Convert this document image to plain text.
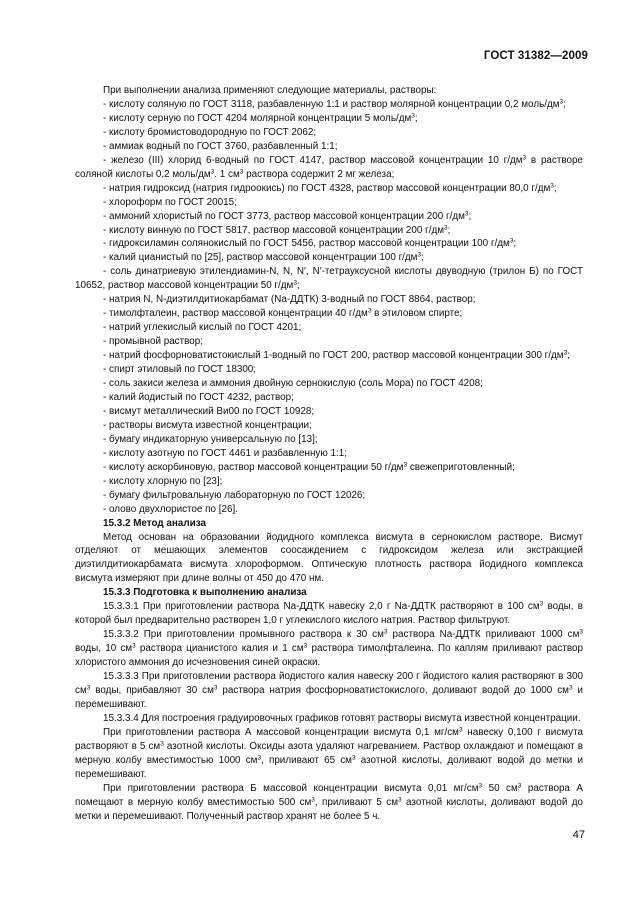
ГОСТ 31382—2009

При выполнении анализа применяют следующие материалы, растворы:

- кислоту соляную по ГОСТ 3118, разбавленную 1:1 и раствор молярной концентрации 0,2 моль/$дм^3$;

- кислоту серную по ГОСТ 4204 молярной концентрации 5 моль/$дм^3$;

- кислоту бромистоводородную по ГОСТ 2062;

- аммиак водный по ГОСТ 3760, разбавленный 1:1;

- железо (III) хлорид 6-водный по ГОСТ 4147, раствор массовой концентрации 10 $г/дм^3$ в растворе соляной кислоты 0,2 моль/$дм^3$. 1 $см^3$ раствора содержит 2 мг железа;

- натрия гидроксид (натрия гидроокись) по ГОСТ 4328, раствор массовой концентрации 80,0 $г/дм^3$;

- хлороформ по ГОСТ 20015;

- аммоний хлористый по ГОСТ 3773, раствор массовой концентрации 200 $г/дм^3$;

- кислоту винную по ГОСТ 5817, раствор массовой концентрации 200 $г/дм^3$;

- гидроксиламин солянокислый по ГОСТ 5456, раствор массовой концентрации 100 $г/дм^3$;

- калий цианистый по [25], раствор массовой концентрации 100 $г/дм^3$;

- соль динатриевую этилендиамин-N, N, N′, N′-тетрауксусной кислоты двуводную (трилон Б) по ГОСТ 10652, раствор массовой концентрации 50 $г/дм^3$;

- натрия N, N-диэтилдитиокарбамат (Na-ДДТК) 3-водный по ГОСТ 8864, раствор;

- тимолфталеин, раствор массовой концентрации 40 $г/дм^3$ в этиловом спирте;

- натрий углекислый кислый по ГОСТ 4201;

- промывной раствор;

- натрий фосфорноватистокислый 1-водный по ГОСТ 200, раствор массовой концентрации 300 $г/дм^3$;

- спирт этиловый по ГОСТ 18300;

- соль закиси железа и аммония двойную сернокислую (соль Мора) по ГОСТ 4208;

- калий йодистый по ГОСТ 4232, раствор;

- висмут металлический Ви00 по ГОСТ 10928;

- растворы висмута известной концентрации;

- бумагу индикаторную универсальную по [13];

- кислоту азотную по ГОСТ 4461 и разбавленную 1:1;

- кислоту аскорбиновую, раствор массовой концентрации 50 $г/дм^3$ свежеприготовленный;

- кислоту хлорную по [23];

- бумагу фильтровальную лабораторную по ГОСТ 12026;

- олово двухлористое по [26].

15.3.2 Метод анализа

Метод основан на образовании йодидного комплекса висмута в сернокислом растворе. Висмут отделяют от мешающих элементов соосаждением с гидроксидом железа или экстракцией диэтилдитиокарбамата висмута хлороформом. Оптическую плотность раствора йодидного комплекса висмута измеряют при длине волны от 450 до 470 нм.

15.3.3 Подготовка к выполнению анализа

15.3.3.1 При приготовлении раствора Na-ДДТК навеску 2,0 г Na-ДДТК растворяют в 100 $см^3$ воды, в которой был предварительно растворен 1,0 г углекислого кислого натрия. Раствор фильтруют.

15.3.3.2 При приготовлении промывного раствора к 30 $см^3$ раствора Na-ДДТК приливают 1000 $см^3$ воды, 10 $см^3$ раствора цианистого калия и 1 $см^3$ раствора тимолфталеина. По каплям приливают раствор хлористого аммония до исчезновения синей окраски.

15.3.3.3 При приготовлении раствора йодистого калия навеску 200 г йодистого калия растворяют в 300 $см^3$ воды, прибавляют 30 $см^3$ раствора натрия фосфорноватистокислого, доливают водой до 1000 $см^3$ и перемешивают.

15.3.3.4 Для построения градуировочных графиков готовят растворы висмута известной концентрации.

При приготовлении раствора А массовой концентрации висмута 0,1 $мг/см^3$ навеску 0,100 г висмута растворяют в 5 $см^3$ азотной кислоты. Оксиды азота удаляют нагреванием. Раствор охлаждают и помещают в мерную колбу вместимостью 1000 $см^3$, приливают 65 $см^3$ азотной кислоты, доливают водой до метки и перемешивают.

При приготовлении раствора Б массовой концентрации висмута 0,01 $мг/см^3$ 50 $см^3$ раствора А помещают в мерную колбу вместимостью 500 $см^3$, приливают 5 $см^3$ азотной кислоты, доливают водой до метки и перемешивают. Полученный раствор хранят не более 5 ч.

47
